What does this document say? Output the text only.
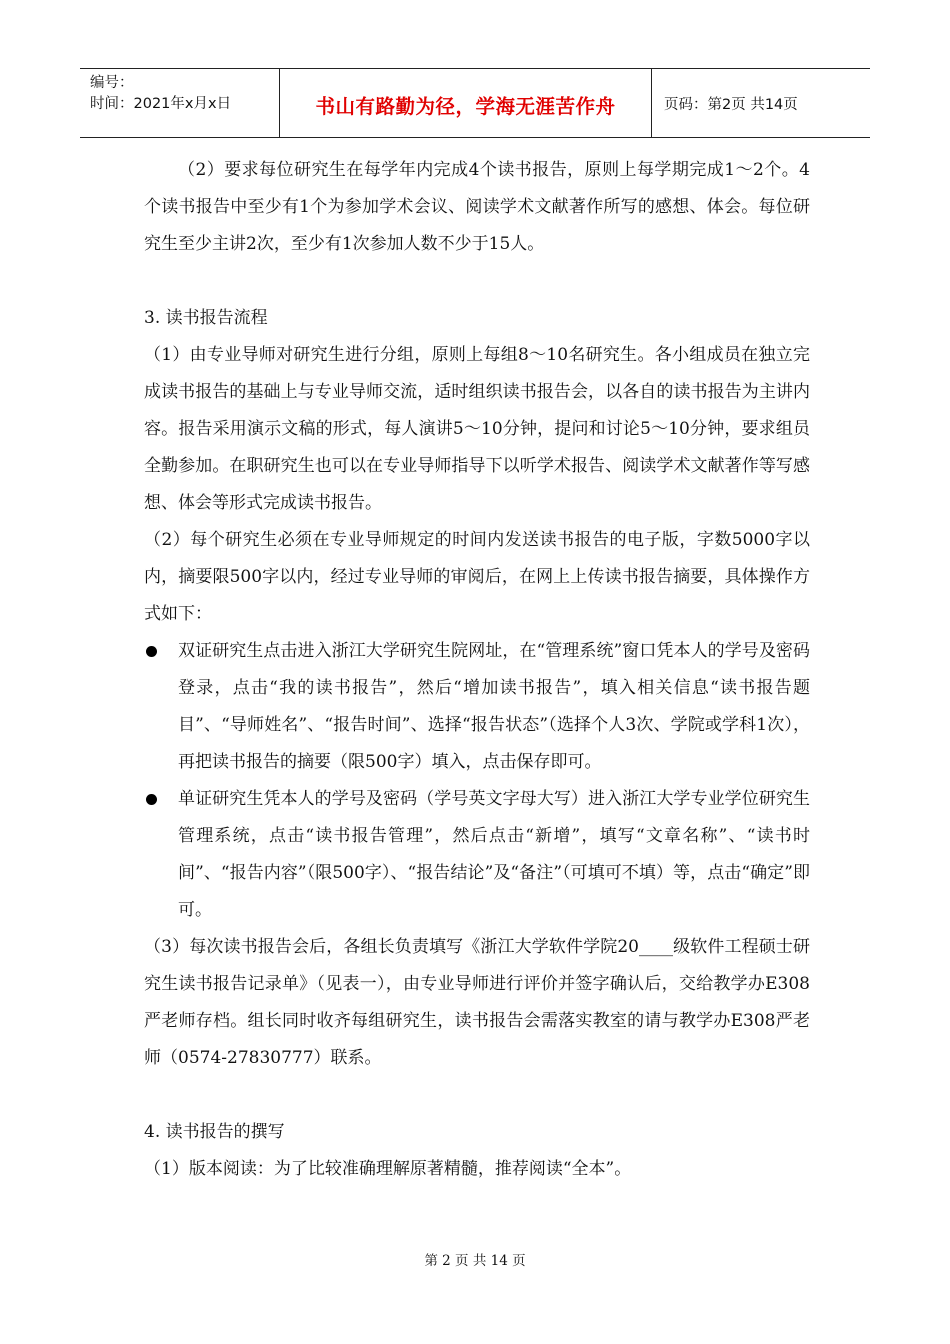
编号：
时间：2021年x月x日	书山有路勤为径，学海无涯苦作舟	页码：第2页 共14页

（2）要求每位研究生在每学年内完成4个读书报告，原则上每学期完成1～2个。4个读书报告中至少有1个为参加学术会议、阅读学术文献著作所写的感想、体会。每位研究生至少主讲2次，至少有1次参加人数不少于15人。

3. 读书报告流程

（1）由专业导师对研究生进行分组，原则上每组8～10名研究生。各小组成员在独立完成读书报告的基础上与专业导师交流，适时组织读书报告会，以各自的读书报告为主讲内容。报告采用演示文稿的形式，每人演讲5～10分钟，提问和讨论5～10分钟，要求组员全勤参加。在职研究生也可以在专业导师指导下以听学术报告、阅读学术文献著作等写感想、体会等形式完成读书报告。

（2）每个研究生必须在专业导师规定的时间内发送读书报告的电子版，字数5000字以内，摘要限500字以内，经过专业导师的审阅后，在网上上传读书报告摘要，具体操作方式如下：

双证研究生点击进入浙江大学研究生院网址，在“管理系统”窗口凭本人的学号及密码登录，点击“我的读书报告”，然后“增加读书报告”，填入相关信息“读书报告题目”、“导师姓名”、“报告时间”、选择“报告状态”（选择个人3次、学院或学科1次），再把读书报告的摘要（限500字）填入，点击保存即可。
单证研究生凭本人的学号及密码（学号英文字母大写）进入浙江大学专业学位研究生管理系统，点击“读书报告管理”，然后点击“新增”，填写“文章名称”、“读书时间”、“报告内容”（限500字）、“报告结论”及“备注”（可填可不填）等，点击“确定”即可。

（3）每次读书报告会后，各组长负责填写《浙江大学软件学院20____级软件工程硕士研究生读书报告记录单》（见表一），由专业导师进行评价并签字确认后，交给教学办E308严老师存档。组长同时收齐每组研究生，读书报告会需落实教室的请与教学办E308严老师（0574-27830777）联系。

4. 读书报告的撰写

（1）版本阅读：为了比较准确理解原著精髓，推荐阅读“全本”。

第 2 页 共 14 页
